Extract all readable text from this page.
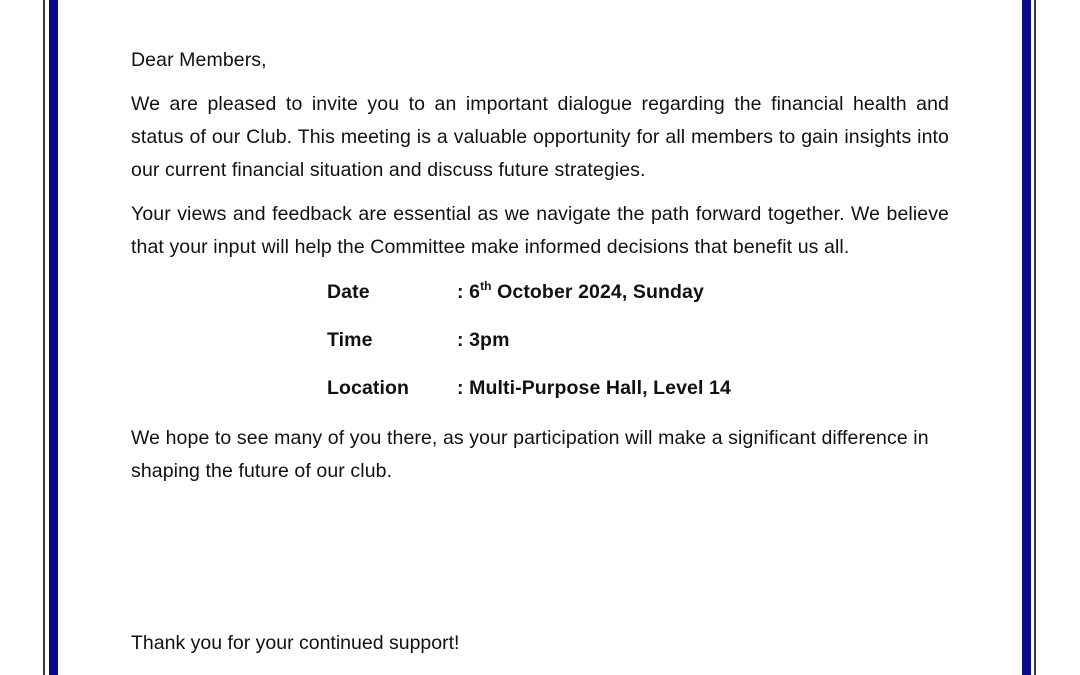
Dear Members,

We are pleased to invite you to an important dialogue regarding the financial health and status of our Club. This meeting is a valuable opportunity for all members to gain insights into our current financial situation and discuss future strategies.

Your views and feedback are essential as we navigate the path forward together. We believe that your input will help the Committee make informed decisions that benefit us all.

Date	: 6th October 2024, Sunday
Time	: 3pm
Location	: Multi-Purpose Hall, Level 14

We hope to see many of you there, as your participation will make a significant difference in shaping the future of our club.

Thank you for your continued support!
